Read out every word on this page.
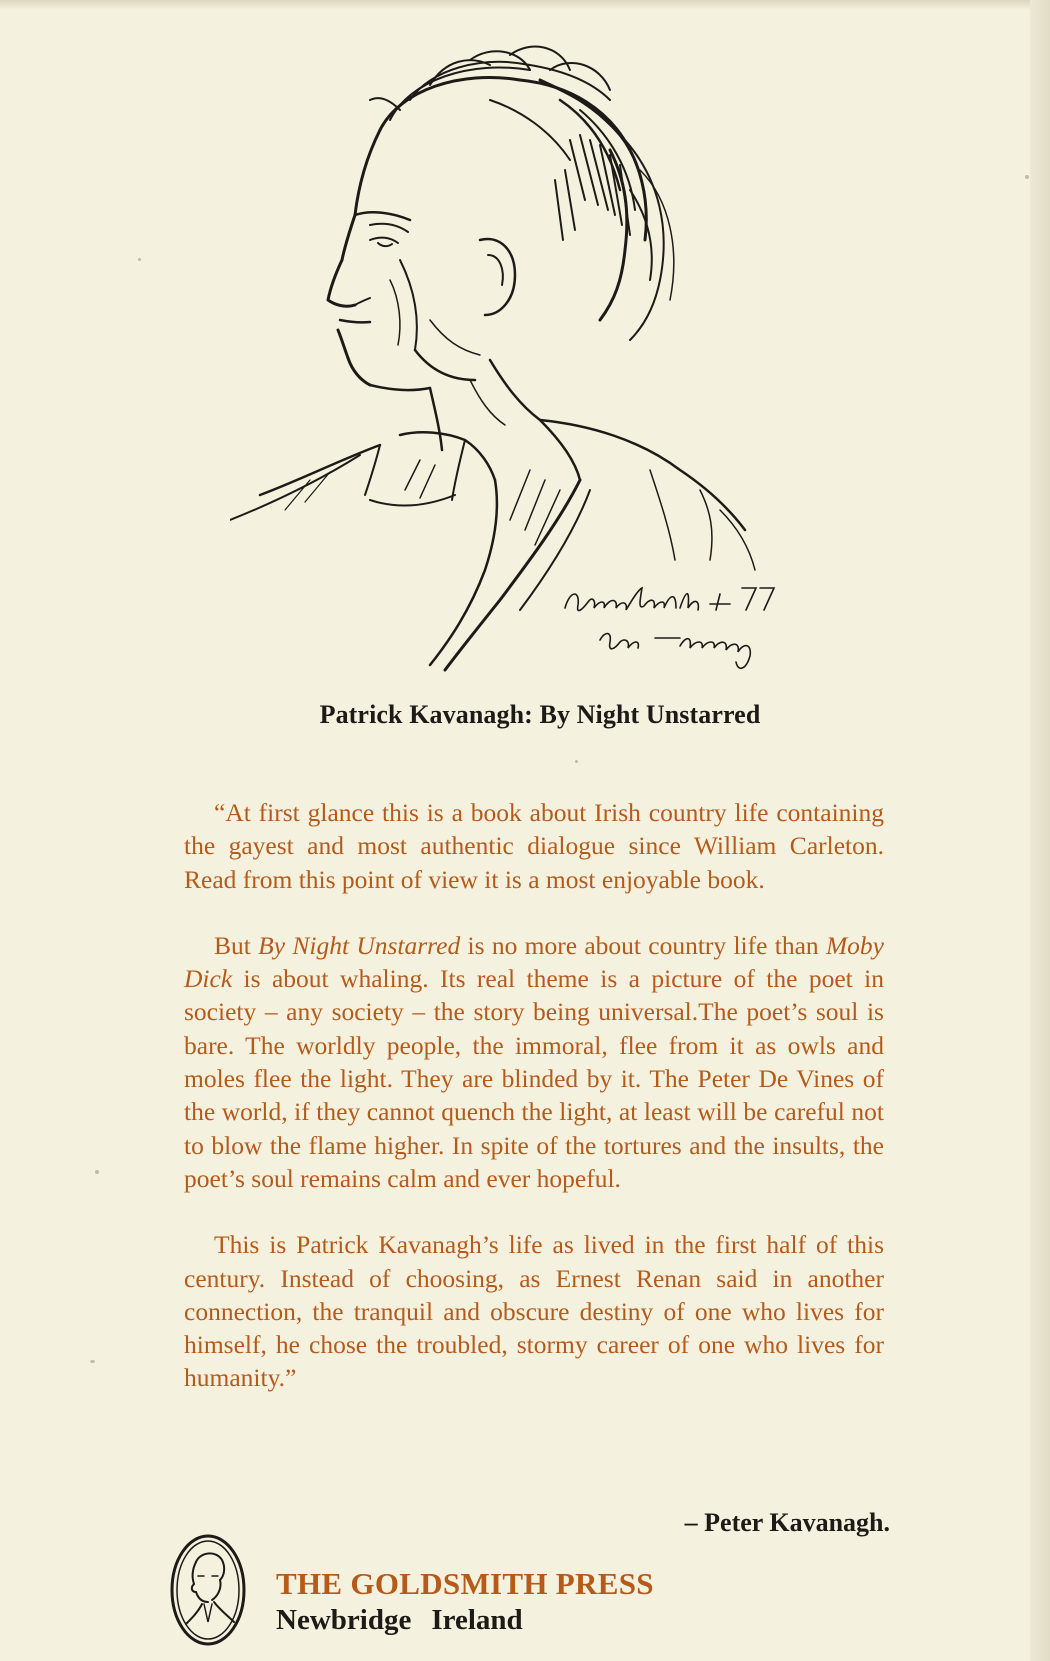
Patrick Kavanagh: By Night Unstarred

“At first glance this is a book about Irish country life containing the gayest and most authentic dialogue since William Carleton. Read from this point of view it is a most enjoyable book.

But By Night Unstarred is no more about country life than Moby Dick is about whaling. Its real theme is a picture of the poet in society – any society – the story being universal.The poet’s soul is bare. The worldly people, the immoral, flee from it as owls and moles flee the light. They are blinded by it. The Peter De Vines of the world, if they cannot quench the light, at least will be careful not to blow the flame higher. In spite of the tortures and the insults, the poet’s soul remains calm and ever hopeful.

This is Patrick Kavanagh’s life as lived in the first half of this century. Instead of choosing, as Ernest Renan said in another connection, the tranquil and obscure destiny of one who lives for himself, he chose the troubled, stormy career of one who lives for humanity.”

– Peter Kavanagh.
THE GOLDSMITH PRESS
Newbridge Ireland
